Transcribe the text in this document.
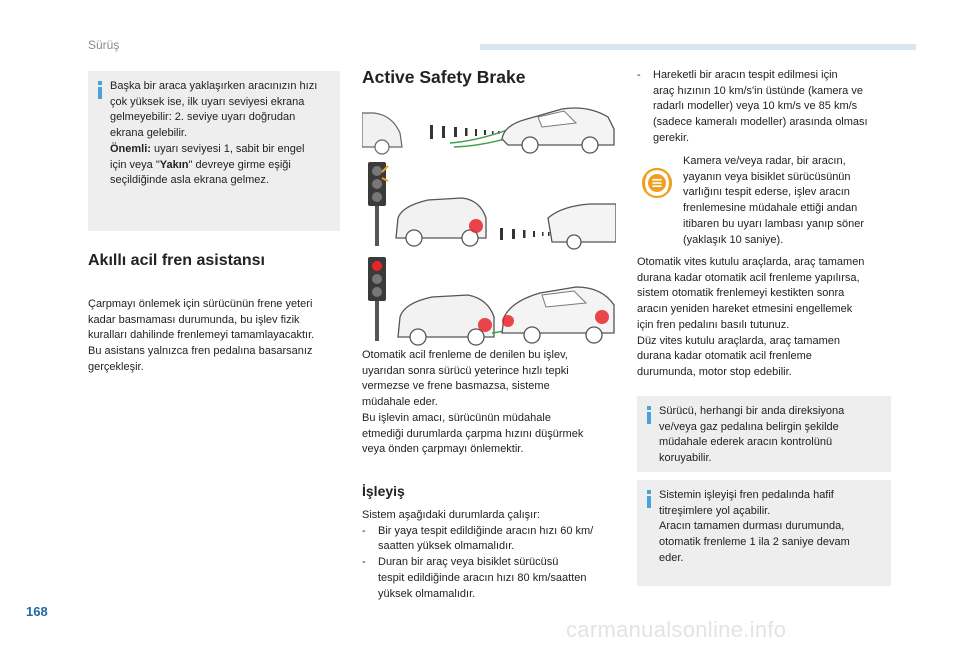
Sürüş
Başka bir araca yaklaşırken aracınızın hızı
çok yüksek ise, ilk uyarı seviyesi ekrana
gelmeyebilir: 2. seviye uyarı doğrudan
ekrana gelebilir.
Önemli: uyarı seviyesi 1, sabit bir engel
için veya "Yakın" devreye girme eşiği
seçildiğinde asla ekrana gelmez.
Akıllı acil fren asistansı
Çarpmayı önlemek için sürücünün frene yeteri
kadar basmaması durumunda, bu işlev fizik
kuralları dahilinde frenlemeyi tamamlayacaktır.
Bu asistans yalnızca fren pedalına basarsanız
gerçekleşir.
Active Safety Brake
Otomatik acil frenleme de denilen bu işlev,
uyarıdan sonra sürücü yeterince hızlı tepki
vermezse ve frene basmazsa, sisteme
müdahale eder.
Bu işlevin amacı, sürücünün müdahale
etmediği durumlarda çarpma hızını düşürmek
veya önden çarpmayı önlemektir.
İşleyiş
Sistem aşağıdaki durumlarda çalışır:
-	Bir yaya tespit edildiğinde aracın hızı 60 km/
saatten yüksek olmamalıdır.
-	Duran bir araç veya bisiklet sürücüsü
tespit edildiğinde aracın hızı 80 km/saatten
yüksek olmamalıdır.
-	Hareketli bir aracın tespit edilmesi için
araç hızının 10 km/s'in üstünde (kamera ve
radarlı modeller) veya 10 km/s ve 85 km/s
(sadece kameralı modeller) arasında olması
gerekir.
Kamera ve/veya radar, bir aracın,
yayanın veya bisiklet sürücüsünün
varlığını tespit ederse, işlev aracın
frenlemesine müdahale ettiği andan
itibaren bu uyarı lambası yanıp söner
(yaklaşık 10 saniye).
Otomatik vites kutulu araçlarda, araç tamamen
durana kadar otomatik acil frenleme yapılırsa,
sistem otomatik frenlemeyi kestikten sonra
aracın yeniden hareket etmesini engellemek
için fren pedalını basılı tutunuz.
Düz vites kutulu araçlarda, araç tamamen
durana kadar otomatik acil frenleme
durumunda, motor stop edebilir.
Sürücü, herhangi bir anda direksiyona
ve/veya gaz pedalına belirgin şekilde
müdahale ederek aracın kontrolünü
koruyabilir.
Sistemin işleyişi fren pedalında hafif
titreşimlere yol açabilir.
Aracın tamamen durması durumunda,
otomatik frenleme 1 ila 2 saniye devam
eder.
168
carmanualsonline.info
